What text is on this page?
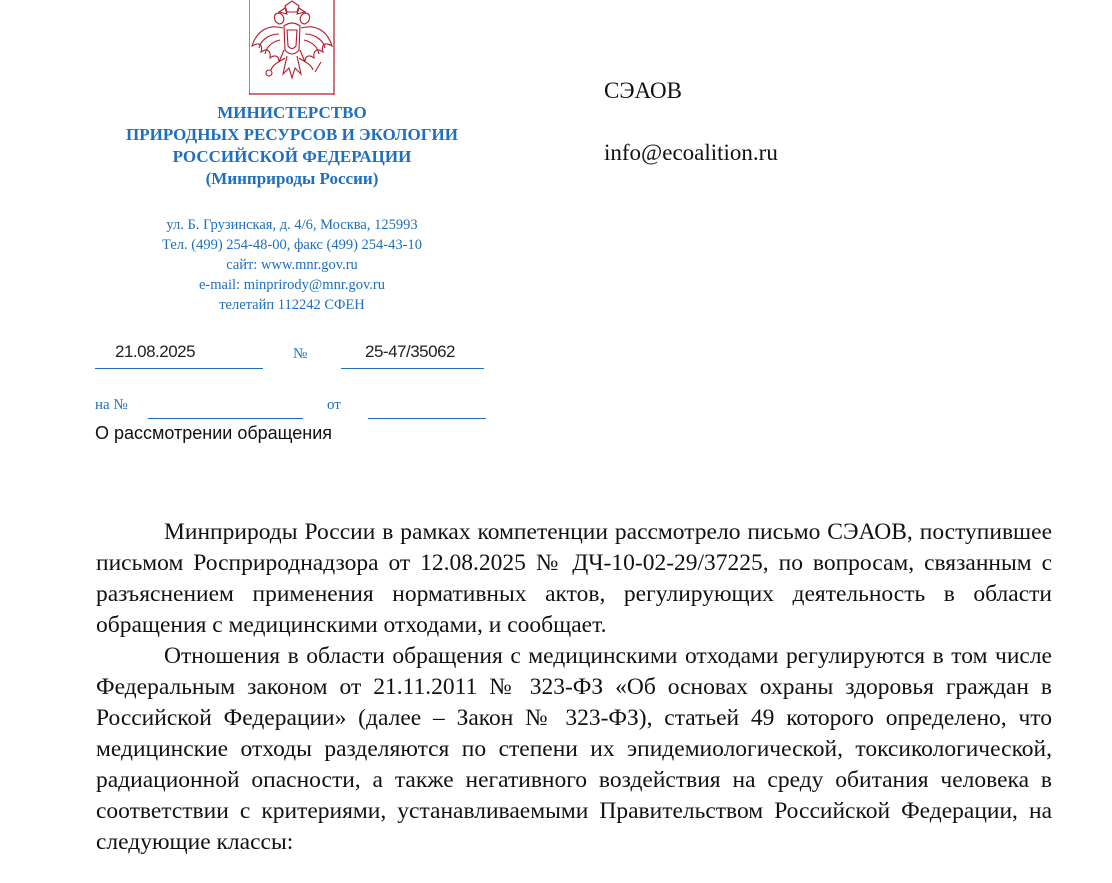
МИНИСТЕРСТВО
ПРИРОДНЫХ РЕСУРСОВ И ЭКОЛОГИИ
РОССИЙСКОЙ ФЕДЕРАЦИИ
(Минприроды России)
ул. Б. Грузинская, д. 4/6, Москва, 125993
Тел. (499) 254-48-00, факс (499) 254-43-10
сайт: www.mnr.gov.ru
e-mail: minprirody@mnr.gov.ru
телетайп 112242 СФЕН
21.08.2025	№	25-47/35062
на №	от
О рассмотрении обращения
СЭАОВ
info@ecoalition.ru

Минприроды России в рамках компетенции рассмотрело письмо СЭАОВ, поступившее письмом Росприроднадзора от 12.08.2025 № ДЧ-10-02-29/37225, по вопросам, связанным с разъяснением применения нормативных актов, регулирующих деятельность в области обращения с медицинскими отходами, и сообщает.

Отношения в области обращения с медицинскими отходами регулируются в том числе Федеральным законом от 21.11.2011 № 323-ФЗ «Об основах охраны здоровья граждан в Российской Федерации» (далее – Закон № 323-ФЗ), статьей 49 которого определено, что медицинские отходы разделяются по степени их эпидемиологической, токсикологической, радиационной опасности, а также негативного воздействия на среду обитания человека в соответствии с критериями, устанавливаемыми Правительством Российской Федерации, на следующие классы:
